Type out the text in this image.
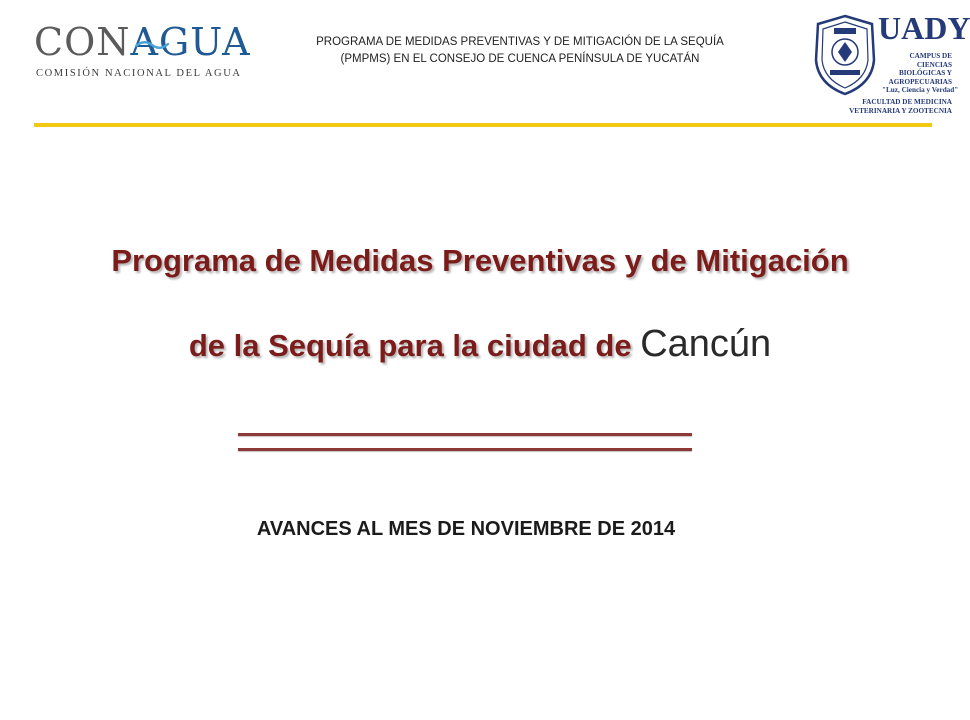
CONAGUA
COMISIÓN NACIONAL DEL AGUA
PROGRAMA DE MEDIDAS PREVENTIVAS Y DE MITIGACIÓN DE LA SEQUÍA
(PMPMS) EN EL CONSEJO DE CUENCA PENÍNSULA DE YUCATÁN
UADY
CAMPUS DE
CIENCIAS
BIOLÓGICAS Y
AGROPECUARIAS
"Luz, Ciencia y Verdad"
FACULTAD DE MEDICINA
VETERINARIA Y ZOOTECNIA
Programa de Medidas Preventivas y de Mitigación
de la Sequía para la ciudad de Cancún
AVANCES AL MES DE NOVIEMBRE DE 2014
